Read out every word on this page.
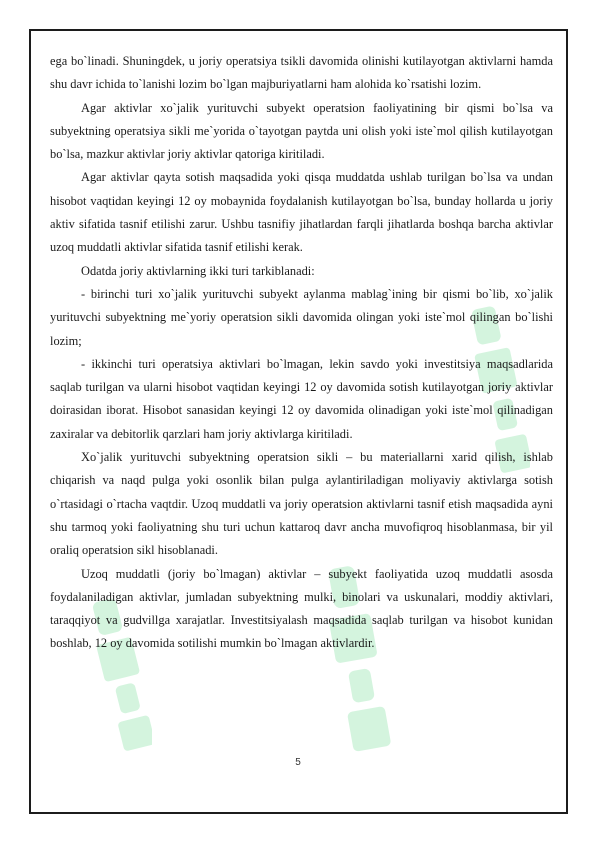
ega bo`linadi. Shuningdek, u joriy operatsiya tsikli davomida olinishi kutilayotgan aktivlarni hamda shu davr ichida to`lanishi lozim bo`lgan majburiyatlarni ham alohida ko`rsatishi lozim.

Agar aktivlar xo`jalik yurituvchi subyekt operatsion faoliyatining bir qismi bo`lsa va subyektning operatsiya sikli me`yorida o`tayotgan paytda uni olish yoki iste`mol qilish kutilayotgan bo`lsa, mazkur aktivlar joriy aktivlar qatoriga kiritiladi.

Agar aktivlar qayta sotish maqsadida yoki qisqa muddatda ushlab turilgan bo`lsa va undan hisobot vaqtidan keyingi 12 oy mobaynida foydalanish kutilayotgan bo`lsa, bunday hollarda u joriy aktiv sifatida tasnif etilishi zarur. Ushbu tasnifiy jihatlardan farqli jihatlarda boshqa barcha aktivlar uzoq muddatli aktivlar sifatida tasnif etilishi kerak.

Odatda joriy aktivlarning ikki turi tarkiblanadi:

- birinchi turi xo`jalik yurituvchi subyekt aylanma mablag`ining bir qismi bo`lib, xo`jalik yurituvchi subyektning me`yoriy operatsion sikli davomida olingan yoki iste`mol qilingan bo`lishi lozim;

- ikkinchi turi operatsiya aktivlari bo`lmagan, lekin savdo yoki investitsiya maqsadlarida saqlab turilgan va ularni hisobot vaqtidan keyingi 12 oy davomida sotish kutilayotgan joriy aktivlar doirasidan iborat. Hisobot sanasidan keyingi 12 oy davomida olinadigan yoki iste`mol qilinadigan zaxiralar va debitorlik qarzlari ham joriy aktivlarga kiritiladi.

Xo`jalik yurituvchi subyektning operatsion sikli – bu materiallarni xarid qilish, ishlab chiqarish va naqd pulga yoki osonlik bilan pulga aylantiriladigan moliyaviy aktivlarga sotish o`rtasidagi o`rtacha vaqtdir. Uzoq muddatli va joriy operatsion aktivlarni tasnif etish maqsadida ayni shu tarmoq yoki faoliyatning shu turi uchun kattaroq davr ancha muvofiqroq hisoblanmasa, bir yil oraliq operatsion sikl hisoblanadi.

Uzoq muddatli (joriy bo`lmagan) aktivlar – subyekt faoliyatida uzoq muddatli asosda foydalaniladigan aktivlar, jumladan subyektning mulki, binolari va uskunalari, moddiy aktivlari, taraqqiyot va gudvillga xarajatlar. Investitsiyalash maqsadida saqlab turilgan va hisobot kunidan boshlab, 12 oy davomida sotilishi mumkin bo`lmagan aktivlardir.

5
